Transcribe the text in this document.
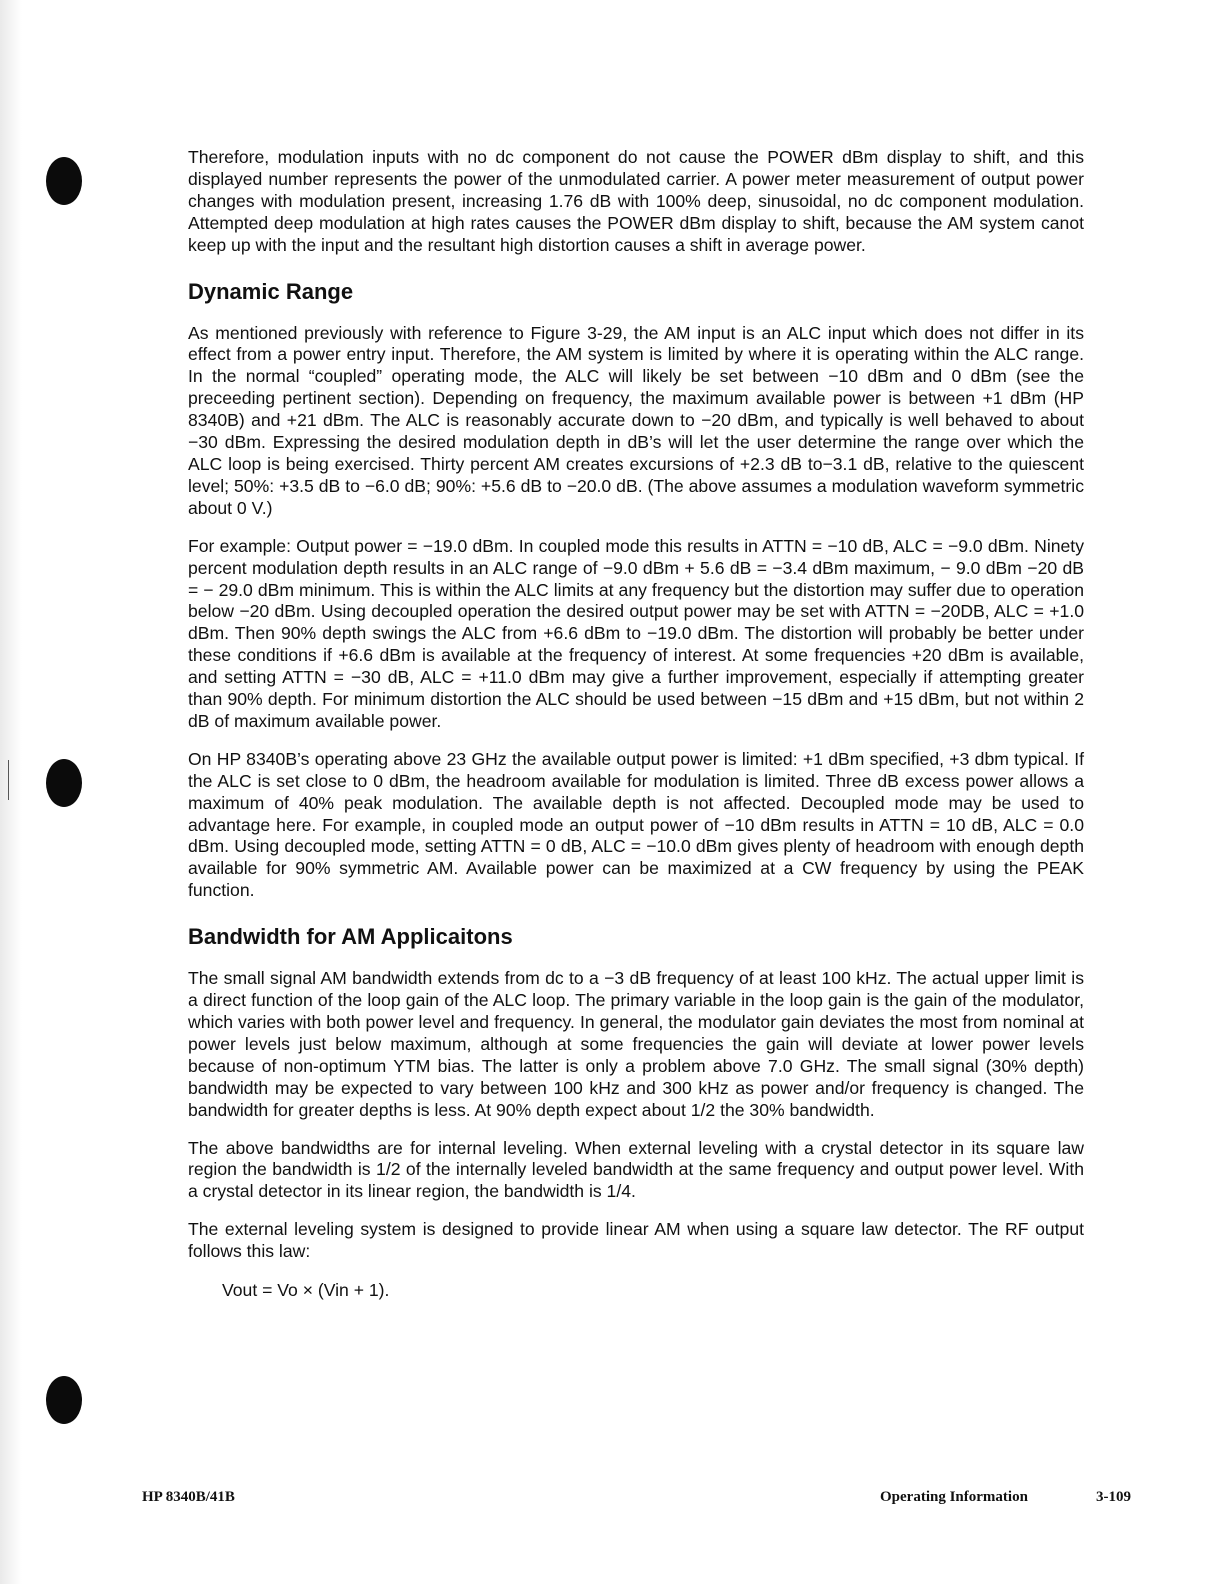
Therefore, modulation inputs with no dc component do not cause the POWER dBm display to shift, and this displayed number represents the power of the unmodulated carrier. A power meter measurement of output power changes with modulation present, increasing 1.76 dB with 100% deep, sinusoidal, no dc component modulation. Attempted deep modulation at high rates causes the POWER dBm display to shift, because the AM system canot keep up with the input and the resultant high distortion causes a shift in average power.

Dynamic Range

As mentioned previously with reference to Figure 3-29, the AM input is an ALC input which does not differ in its effect from a power entry input. Therefore, the AM system is limited by where it is operating within the ALC range. In the normal “coupled” operating mode, the ALC will likely be set between −10 dBm and 0 dBm (see the preceeding pertinent section). Depending on frequency, the maximum available power is between +1 dBm (HP 8340B) and +21 dBm. The ALC is reasonably accurate down to −20 dBm, and typically is well behaved to about −30 dBm. Expressing the desired modulation depth in dB’s will let the user determine the range over which the ALC loop is being exercised. Thirty percent AM creates excursions of +2.3 dB to−3.1 dB, relative to the quiescent level; 50%: +3.5 dB to −6.0 dB; 90%: +5.6 dB to −20.0 dB. (The above assumes a modulation waveform symmetric about 0 V.)

For example: Output power = −19.0 dBm. In coupled mode this results in ATTN = −10 dB, ALC = −9.0 dBm. Ninety percent modulation depth results in an ALC range of −9.0 dBm + 5.6 dB = −3.4 dBm maximum, − 9.0 dBm −20 dB = − 29.0 dBm minimum. This is within the ALC limits at any frequency but the distortion may suffer due to operation below −20 dBm. Using decoupled operation the desired output power may be set with ATTN = −20DB, ALC = +1.0 dBm. Then 90% depth swings the ALC from +6.6 dBm to −19.0 dBm. The distortion will probably be better under these conditions if +6.6 dBm is available at the frequency of interest. At some frequencies +20 dBm is available, and setting ATTN = −30 dB, ALC = +11.0 dBm may give a further improvement, especially if attempting greater than 90% depth. For minimum distortion the ALC should be used between −15 dBm and +15 dBm, but not within 2 dB of maximum available power.

On HP 8340B’s operating above 23 GHz the available output power is limited: +1 dBm specified, +3 dbm typical. If the ALC is set close to 0 dBm, the headroom available for modulation is limited. Three dB excess power allows a maximum of 40% peak modulation. The available depth is not affected. Decoupled mode may be used to advantage here. For example, in coupled mode an output power of −10 dBm results in ATTN = 10 dB, ALC = 0.0 dBm. Using decoupled mode, setting ATTN = 0 dB, ALC = −10.0 dBm gives plenty of headroom with enough depth available for 90% symmetric AM. Available power can be maximized at a CW frequency by using the PEAK function.

Bandwidth for AM Applicaitons

The small signal AM bandwidth extends from dc to a −3 dB frequency of at least 100 kHz. The actual upper limit is a direct function of the loop gain of the ALC loop. The primary variable in the loop gain is the gain of the modulator, which varies with both power level and frequency. In general, the modulator gain deviates the most from nominal at power levels just below maximum, although at some frequencies the gain will deviate at lower power levels because of non-optimum YTM bias. The latter is only a problem above 7.0 GHz. The small signal (30% depth) bandwidth may be expected to vary between 100 kHz and 300 kHz as power and/or frequency is changed. The bandwidth for greater depths is less. At 90% depth expect about 1/2 the 30% bandwidth.

The above bandwidths are for internal leveling. When external leveling with a crystal detector in its square law region the bandwidth is 1/2 of the internally leveled bandwidth at the same frequency and output power level. With a crystal detector in its linear region, the bandwidth is 1/4.

The external leveling system is designed to provide linear AM when using a square law detector. The RF output follows this law:

Vout = Vo × (Vin + 1).
HP 8340B/41B	Operating Information	3-109
